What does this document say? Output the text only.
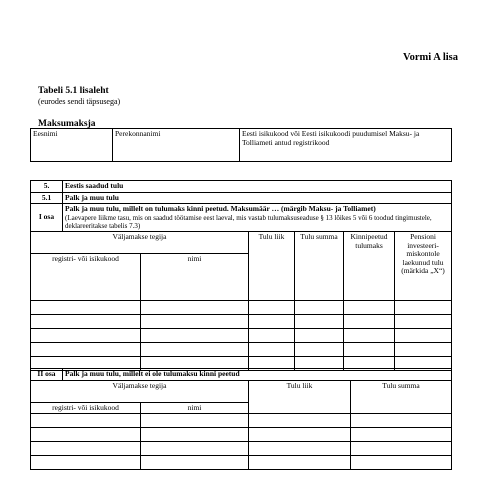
Vormi A lisa
Tabeli 5.1 lisaleht
(eurodes sendi täpsusega)
Maksumaksja
Eesnimi	Perekonnanimi	Eesti isikukood või Eesti isikukoodi puudumisel Maksu- ja Tolliameti antud registrikood
5.	Eestis saadud tulu					
5.1	Palk ja muu tulu					
I osa	Palk ja muu tulu, millelt on tulumaks kinni peetud. Maksumäär … (märgib Maksu- ja Tolliamet)
(Laevapere liikme tasu, mis on saadud töötamise eest laeval, mis vastab tulumaksuseaduse § 13 lõikes 5 või 6 toodud tingimustele, deklareeritakse tabelis 7.3)					

Väljamakse tegija			Tulu liik	Tulu summa	Kinnipeetud tulumaks	Pensioni investeeri-miskontole laekunud tulu (märkida „X“)
registri- või isikukood		nimi				

II osa	Palk ja muu tulu, millelt ei ole tulumaksu kinni peetud			
Väljamakse tegija			Tulu liik	Tulu summa
registri- või isikukood		nimi		
